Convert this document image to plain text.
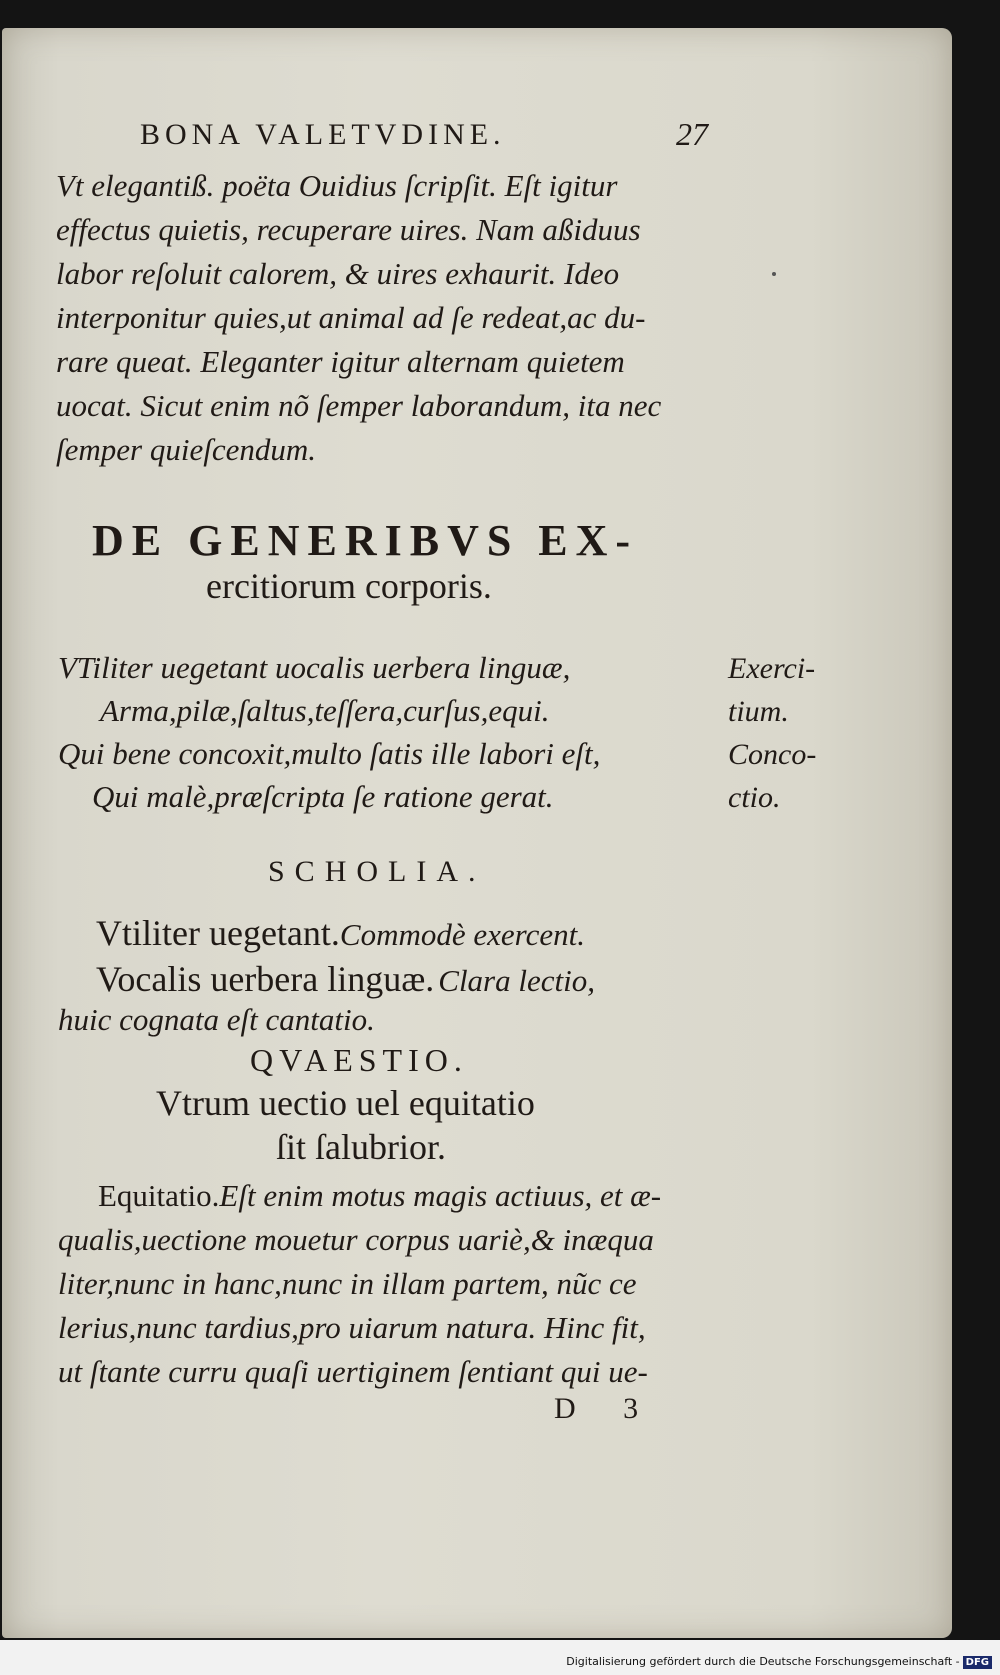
BONA VALETVDINE.	27
Vt elegantiß. poëta Ouidius ſcripſit. Eſt igitur
effectus quietis, recuperare uires. Nam aßiduus
labor reſoluit calorem, & uires exhaurit. Ideo
interponitur quies,ut animal ad ſe redeat,ac du-
rare queat. Eleganter igitur alternam quietem
uocat. Sicut enim nõ ſemper laborandum, ita nec
ſemper quieſcendum.
DE GENERIBVS EX-
ercitiorum corporis.
VTiliter uegetant uocalis uerbera linguæ,
Arma,pilæ,ſaltus,teſſera,curſus,equi.
Qui bene concoxit,multo ſatis ille labori eſt,
Qui malè,præſcripta ſe ratione gerat.
Exerci-
tium.
Conco-
ctio.
SCHOLIA.
Vtiliter uegetant.Commodè exercent.
Vocalis uerbera linguæ. Clara lectio,
huic cognata eſt cantatio.
QVAESTIO.
Vtrum uectio uel equitatio
ſit ſalubrior.
Equitatio.Eſt enim motus magis actiuus, et æ-
qualis,uectione mouetur corpus uariè,& inæqua
liter,nunc in hanc,nunc in illam partem, nũc ce
lerius,nunc tardius,pro uiarum natura. Hinc fit,
ut ſtante curru quaſi uertiginem ſentiant qui ue-
D 3
Digitalisierung gefördert durch die Deutsche Forschungsgemeinschaft - DFG
